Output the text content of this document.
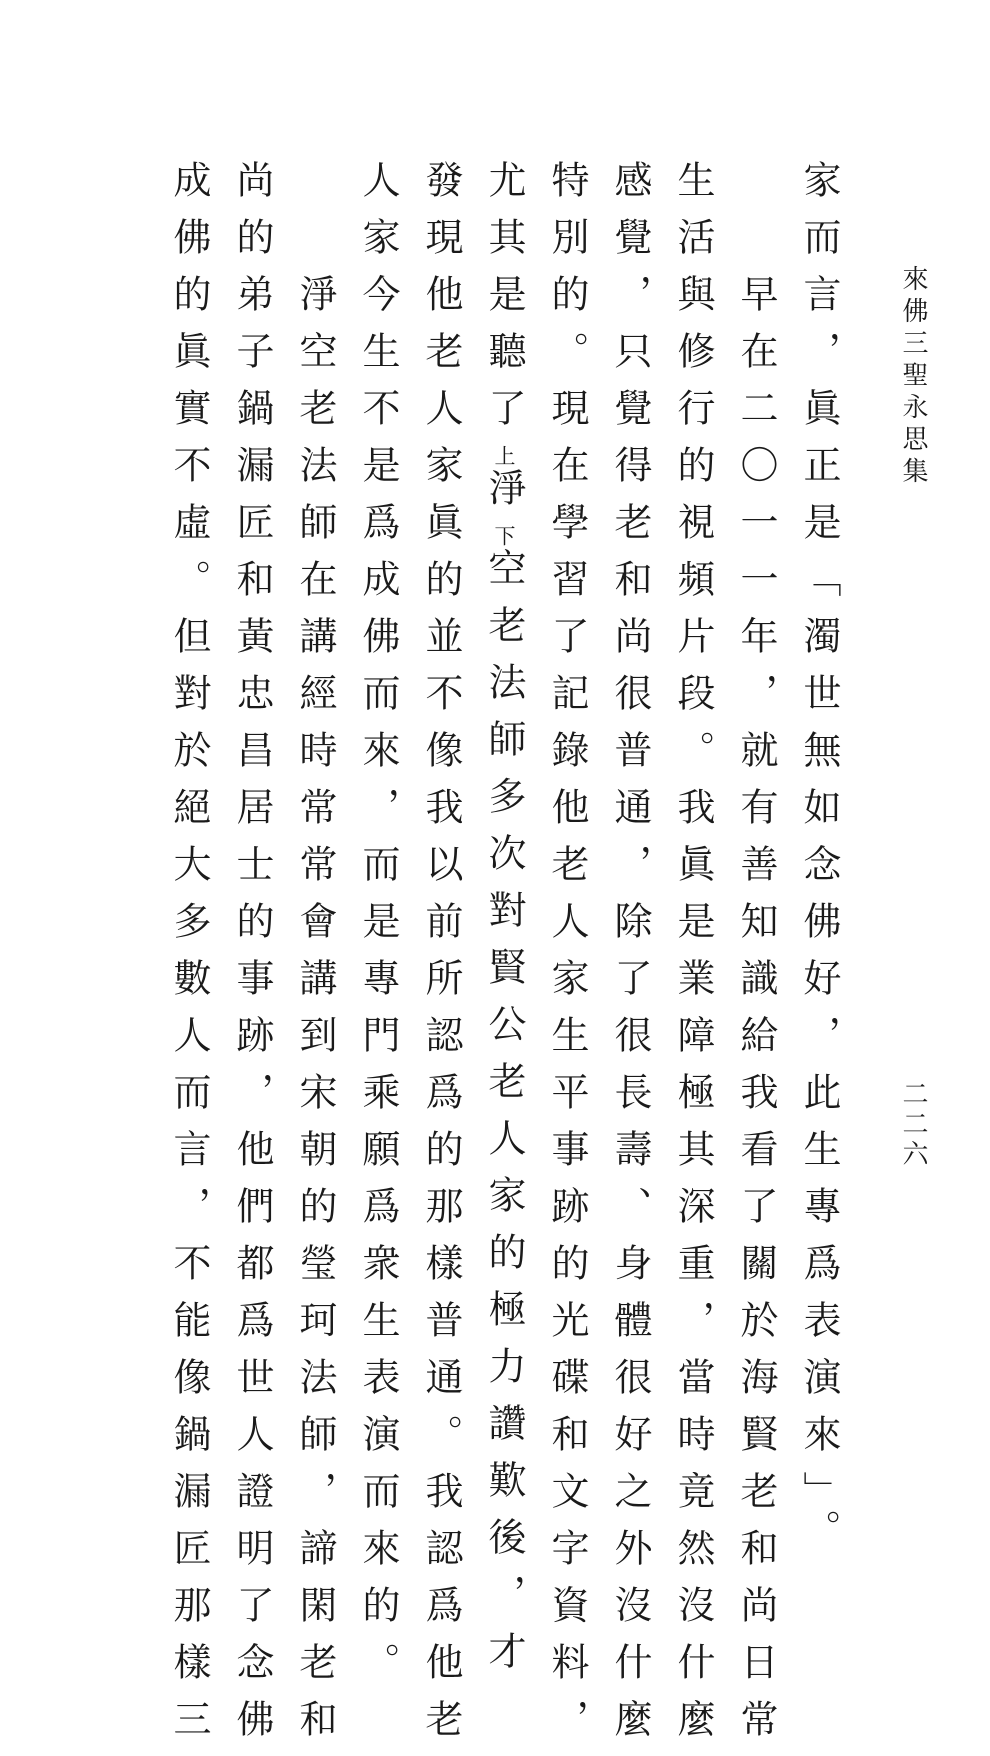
來佛三聖永思集
二二六
家而言，眞正是「濁世無如念佛好，此生專爲表演來」。
早在二〇一一年，就有善知識給我看了關於海賢老和尚日常
生活與修行的視頻片段。我眞是業障極其深重，當時竟然沒什麼
感覺，只覺得老和尚很普通，除了很長壽、身體很好之外沒什麼
特別的。現在學習了記錄他老人家生平事跡的光碟和文字資料，
尤其是聽了上淨下空老法師多次對賢公老人家的極力讚歎後，才
發現他老人家眞的並不像我以前所認爲的那樣普通。我認爲他老
人家今生不是爲成佛而來，而是專門乘願爲衆生表演而來的。
淨空老法師在講經時常常會講到宋朝的瑩珂法師，諦閑老和
尚的弟子鍋漏匠和黃忠昌居士的事跡，他們都爲世人證明了念佛
成佛的眞實不虛。但對於絕大多數人而言，不能像鍋漏匠那樣三
